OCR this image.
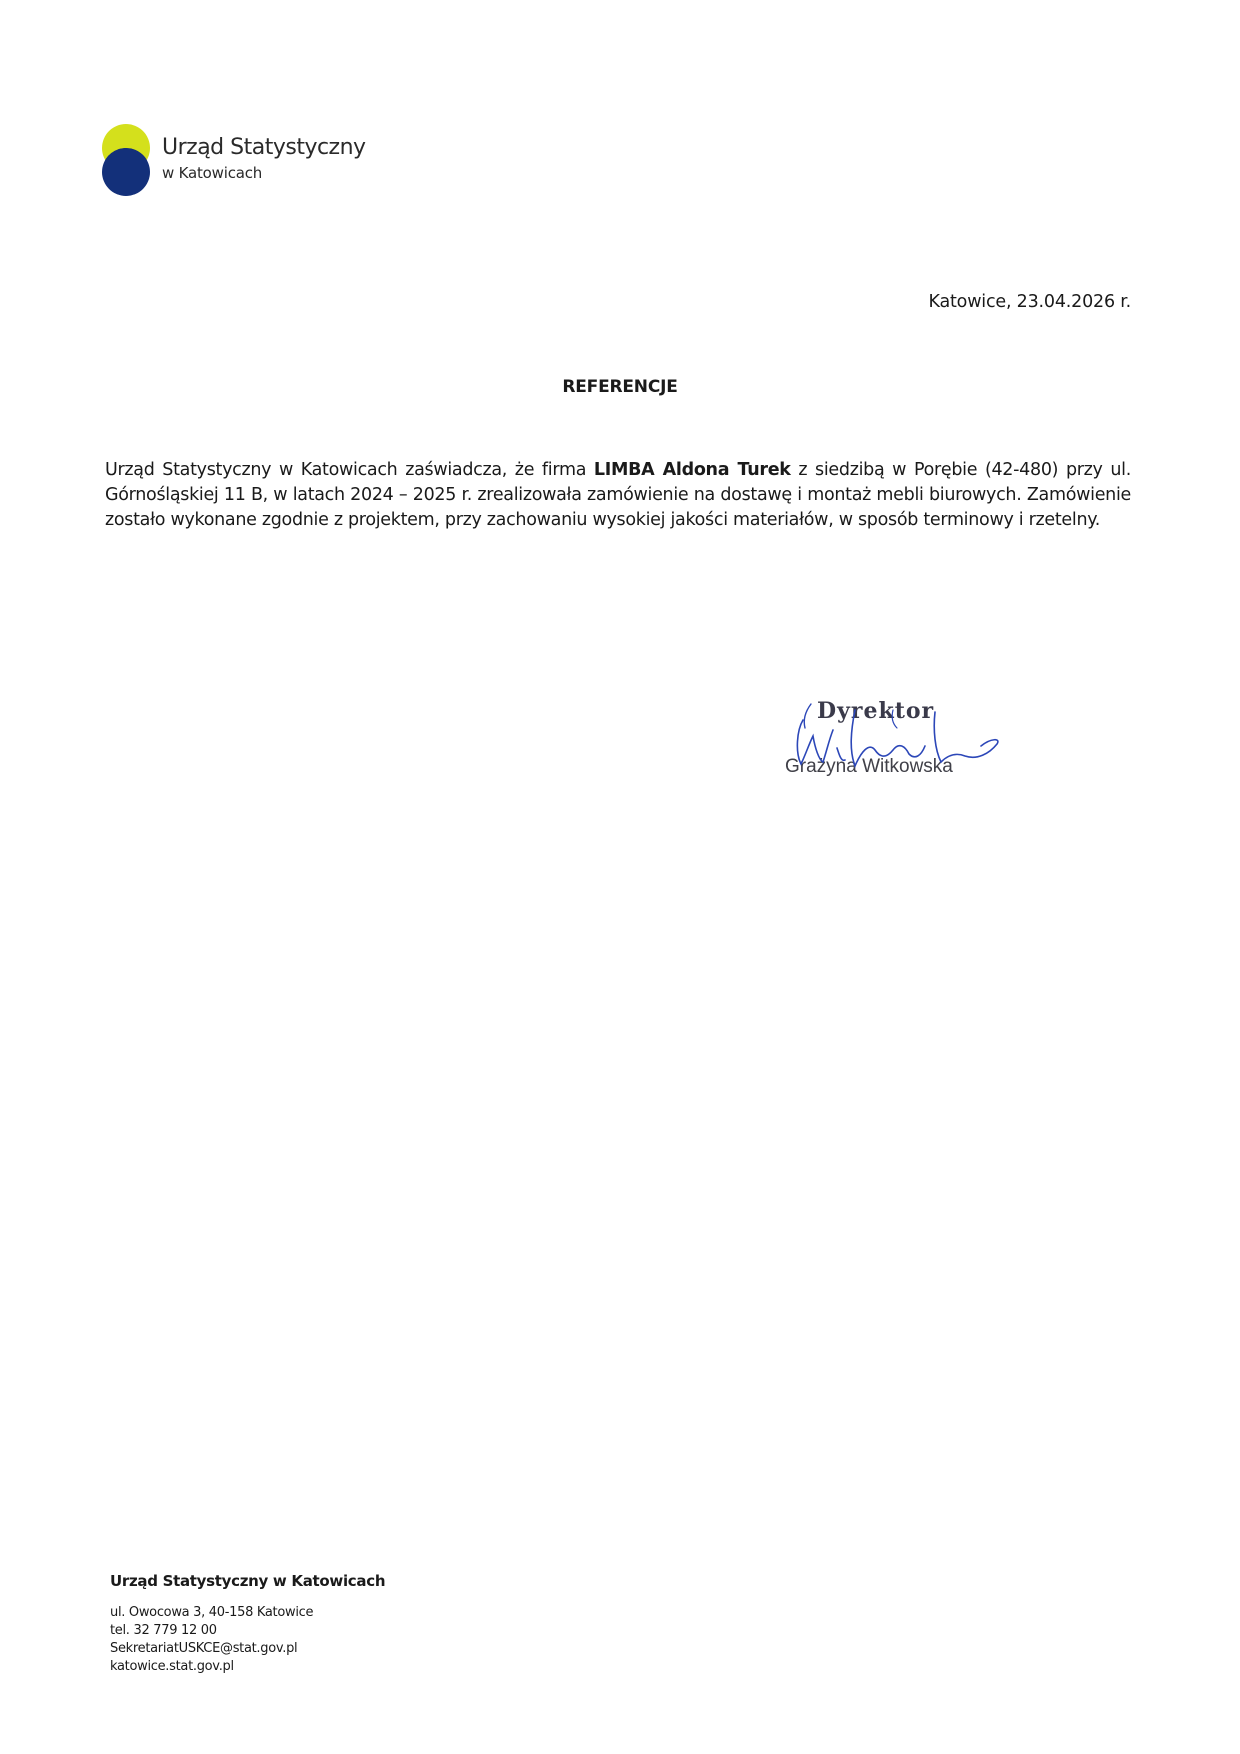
Urząd Statystyczny
w Katowicach
Katowice, 23.04.2026 r.
REFERENCJE
Urząd Statystyczny w Katowicach zaświadcza, że firma LIMBA Aldona Turek z siedzibą w Porębie (42-480) przy ul. Górnośląskiej 11 B, w latach 2024 – 2025 r. zrealizowała zamówienie na dostawę i montaż mebli biurowych. Zamówienie zostało wykonane zgodnie z projektem, przy zachowaniu wysokiej jakości materiałów, w sposób terminowy i rzetelny.
Dyrektor
Grażyna Witkowska
Urząd Statystyczny w Katowicach
ul. Owocowa 3, 40-158 Katowice
tel. 32 779 12 00
SekretariatUSKCE@stat.gov.pl
katowice.stat.gov.pl
